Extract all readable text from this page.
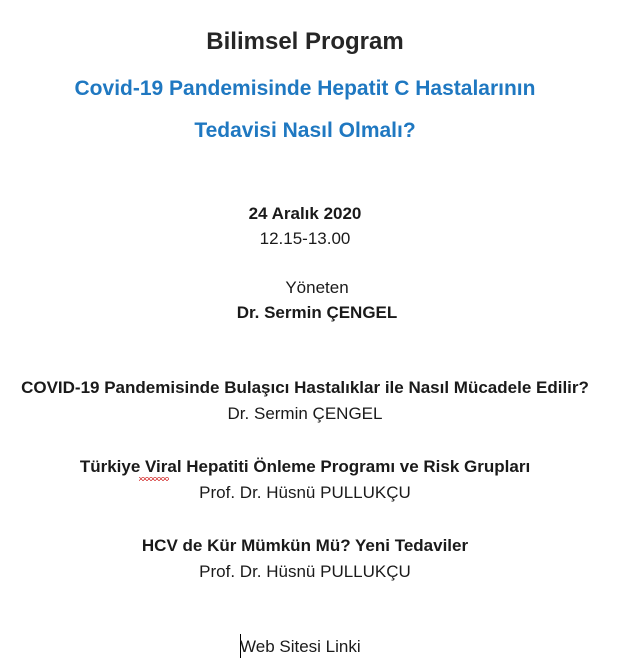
Bilimsel Program
Covid-19 Pandemisinde Hepatit C Hastalarının
Tedavisi Nasıl Olmalı?
24 Aralık 2020
12.15-13.00
Yöneten
Dr. Sermin ÇENGEL
COVID-19 Pandemisinde Bulaşıcı Hastalıklar ile Nasıl Mücadele Edilir?
Dr. Sermin ÇENGEL
Türkiye Viral Hepatiti Önleme Programı ve Risk Grupları
Prof. Dr. Hüsnü PULLUKÇU
HCV de Kür Mümkün Mü? Yeni Tedaviler
Prof. Dr. Hüsnü PULLUKÇU
Web Sitesi Linki
